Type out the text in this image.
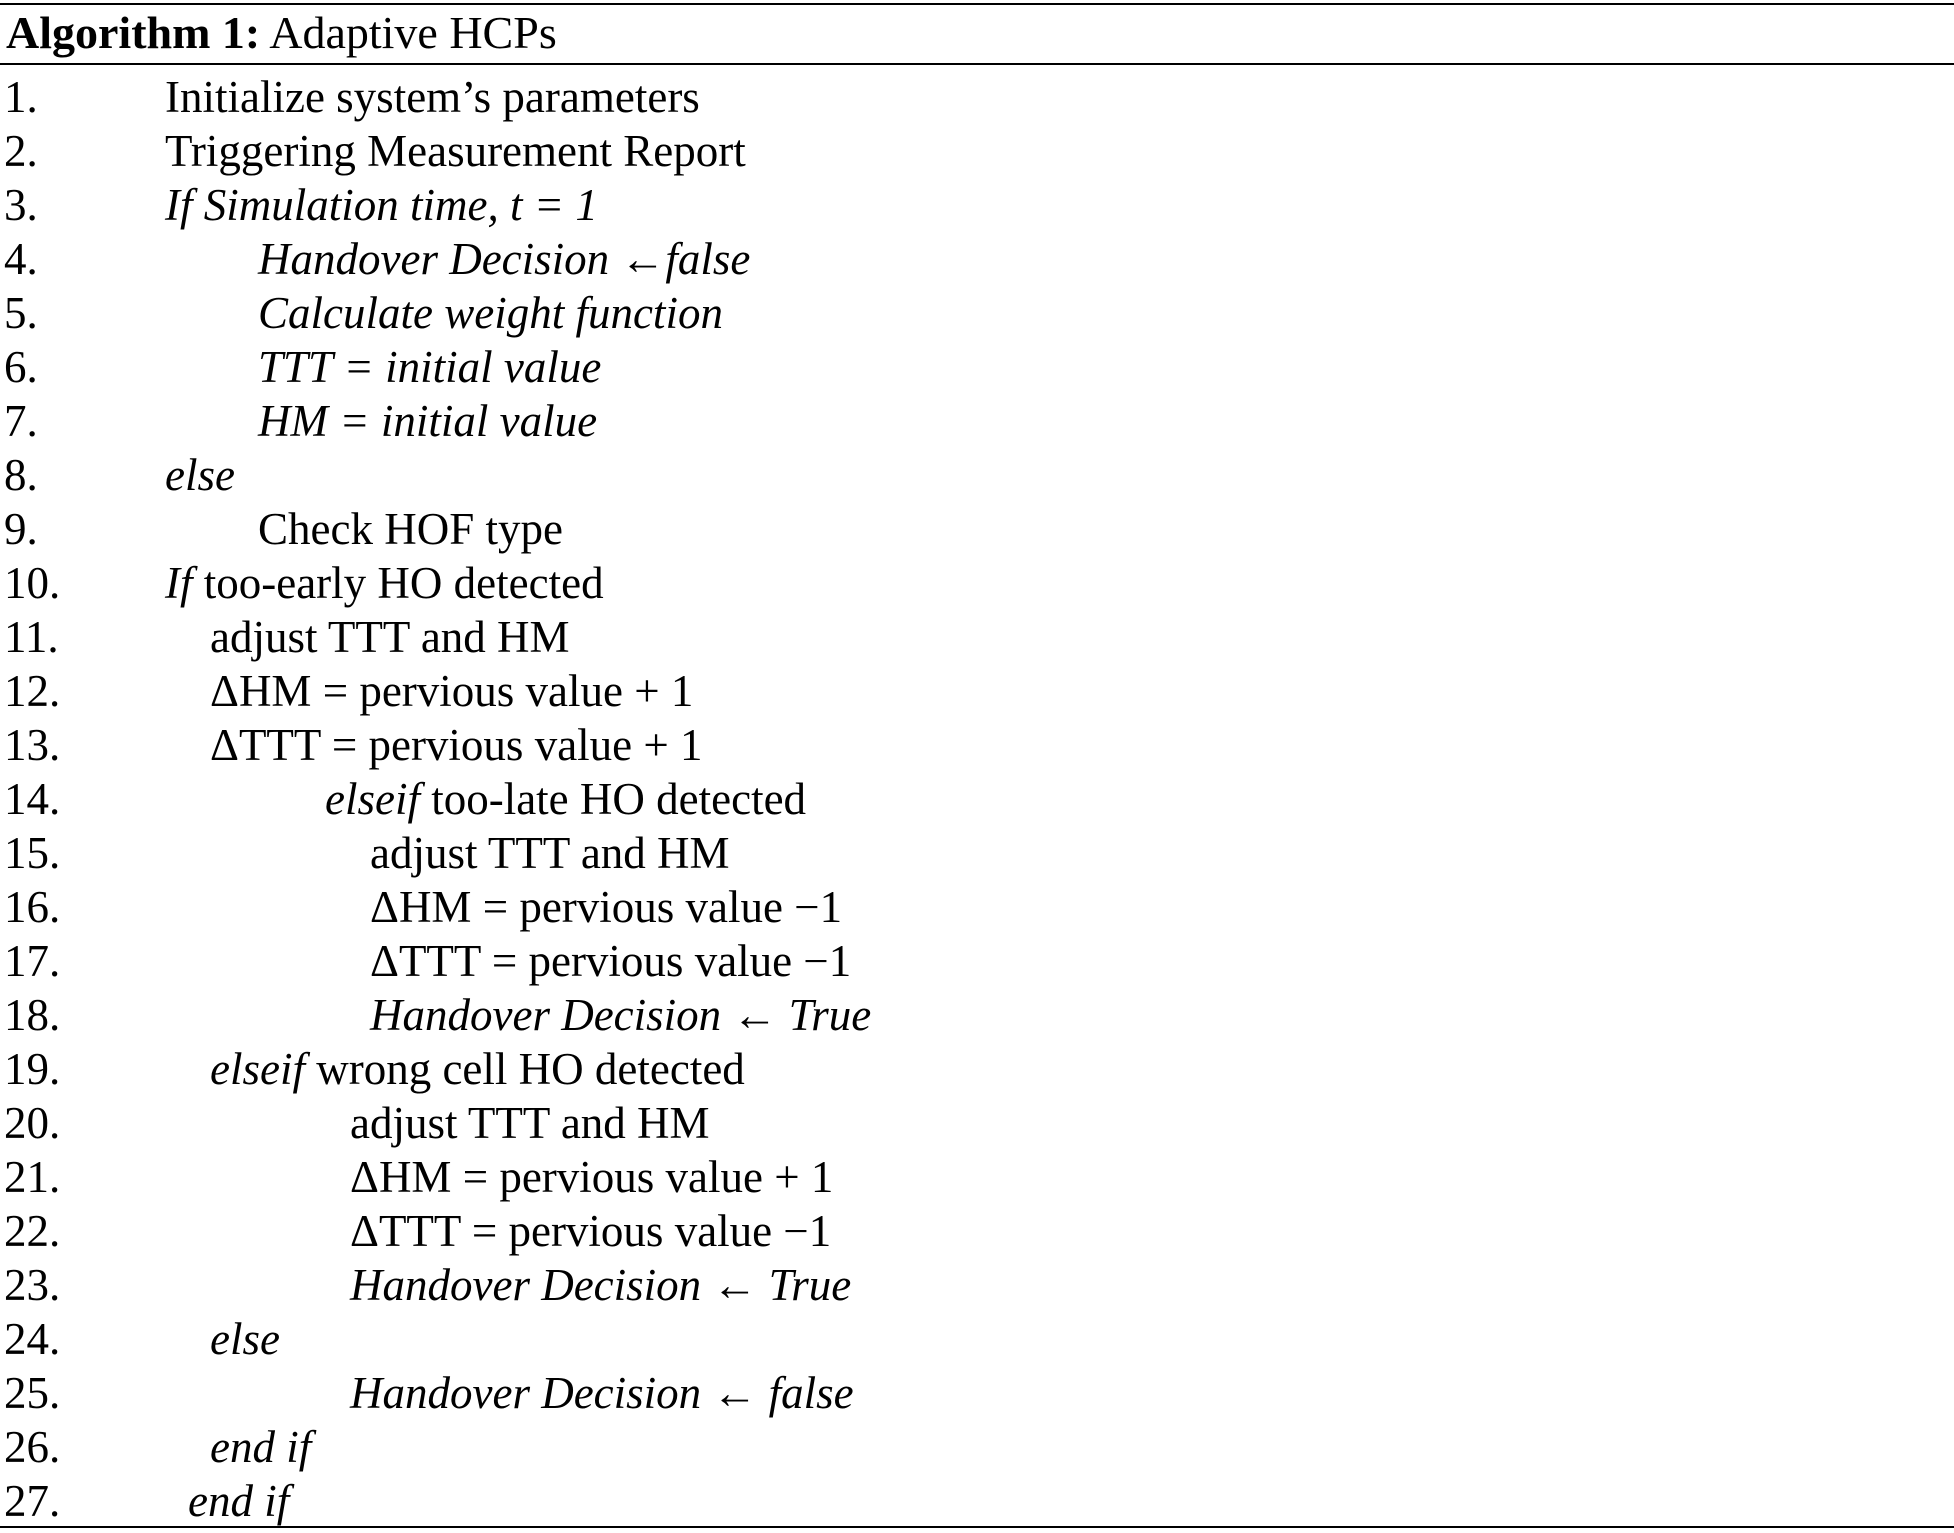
Algorithm 1: Adaptive HCPs
1.	Initialize system’s parameters
2.	Triggering Measurement Report
3.	If Simulation time, t = 1
4.	Handover Decision ←false
5.	Calculate weight function
6.	TTT = initial value
7.	HM = initial value
8.	else
9.	Check HOF type
10. If too-early HO detected
11.	adjust TTT and HM
12.	ΔHM = pervious value + 1
13.	ΔTTT = pervious value + 1
14.	elseif too-late HO detected
15.	adjust TTT and HM
16.	ΔHM = pervious value −1
17.	ΔTTT = pervious value −1
18.	Handover Decision ← True
19.	elseif wrong cell HO detected
20.	adjust TTT and HM
21.	ΔHM = pervious value + 1
22.	ΔTTT = pervious value −1
23.	Handover Decision ← True
24.	else
25.	Handover Decision ← false
26.	end if
27.	end if
